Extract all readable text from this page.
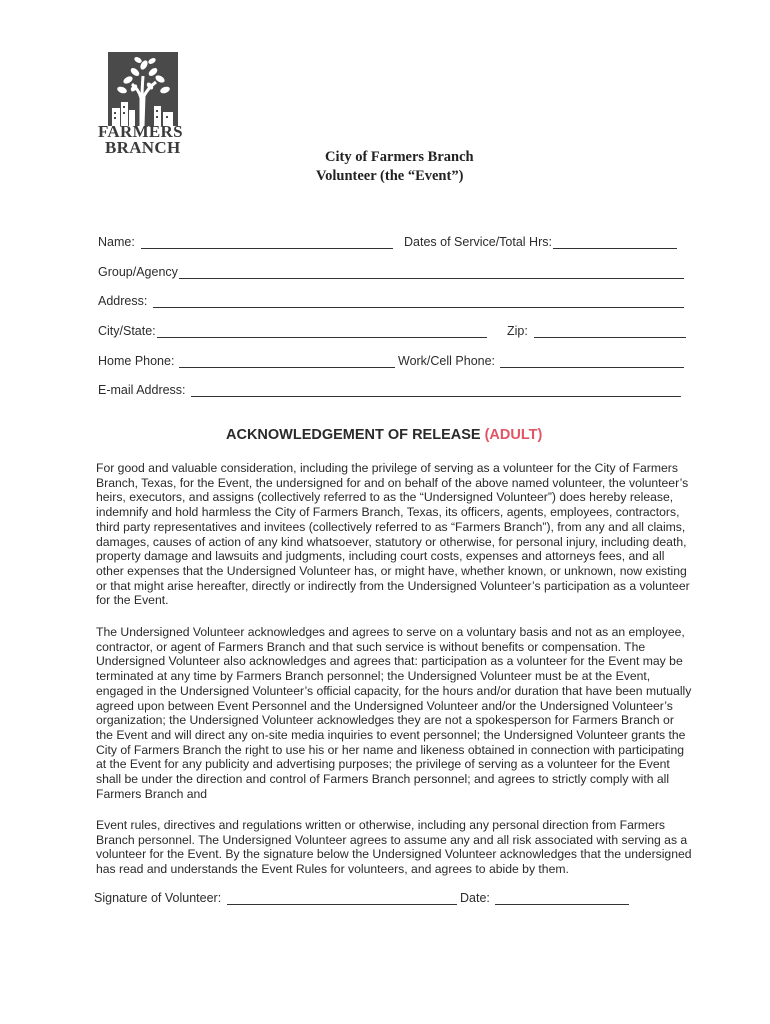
FARMERS
BRANCH	City of Farmers Branch
Volunteer (the “Event”)
Name:	Dates of Service/Total Hrs:
Group/Agency
Address:
City/State:	Zip:
Home Phone:	Work/Cell Phone:
E-mail Address:
ACKNOWLEDGEMENT OF RELEASE (ADULT)
For good and valuable consideration, including the privilege of serving as a volunteer for the City of Farmers Branch, Texas, for the Event, the undersigned for and on behalf of the above named volunteer, the volunteer’s heirs, executors, and assigns (collectively referred to as the “Undersigned Volunteer”) does hereby release, indemnify and hold harmless the City of Farmers Branch, Texas, its officers, agents, employees, contractors, third party representatives and invitees (collectively referred to as “Farmers Branch”), from any and all claims, damages, causes of action of any kind whatsoever, statutory or otherwise, for personal injury, including death, property damage and lawsuits and judgments, including court costs, expenses and attorneys fees, and all other expenses that the Undersigned Volunteer has, or might have, whether known, or unknown, now existing or that might arise hereafter, directly or indirectly from the Undersigned Volunteer’s participation as a volunteer for the Event.
The Undersigned Volunteer acknowledges and agrees to serve on a voluntary basis and not as an employee, contractor, or agent of Farmers Branch and that such service is without benefits or compensation. The Undersigned Volunteer also acknowledges and agrees that: participation as a volunteer for the Event may be terminated at any time by Farmers Branch personnel; the Undersigned Volunteer must be at the Event, engaged in the Undersigned Volunteer’s official capacity, for the hours and/or duration that have been mutually agreed upon between Event Personnel and the Undersigned Volunteer and/or the Undersigned Volunteer’s organization; the Undersigned Volunteer acknowledges they are not a spokesperson for Farmers Branch or the Event and will direct any on-site media inquiries to event personnel; the Undersigned Volunteer grants the City of Farmers Branch the right to use his or her name and likeness obtained in connection with participating at the Event for any publicity and advertising purposes; the privilege of serving as a volunteer for the Event shall be under the direction and control of Farmers Branch personnel; and agrees to strictly comply with all Farmers Branch and
Event rules, directives and regulations written or otherwise, including any personal direction from Farmers Branch personnel. The Undersigned Volunteer agrees to assume any and all risk associated with serving as a volunteer for the Event. By the signature below the Undersigned Volunteer acknowledges that the undersigned has read and understands the Event Rules for volunteers, and agrees to abide by them.
Signature of Volunteer:	Date:
